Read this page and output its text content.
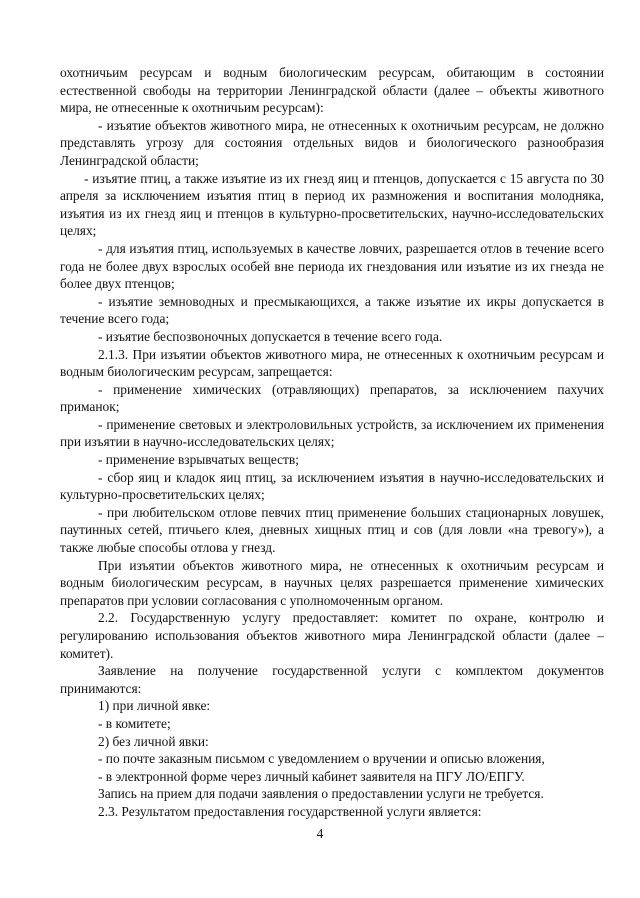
охотничьим ресурсам и водным биологическим ресурсам, обитающим в состоянии естественной свободы на территории Ленинградской области (далее – объекты животного мира, не отнесенные к охотничьим ресурсам):

- изъятие объектов животного мира, не отнесенных к охотничьим ресурсам, не должно представлять угрозу для состояния отдельных видов и биологического разнообразия Ленинградской области;

- изъятие птиц, а также изъятие из их гнезд яиц и птенцов, допускается с 15 августа по 30 апреля за исключением изъятия птиц в период их размножения и воспитания молодняка, изъятия из их гнезд яиц и птенцов в культурно-просветительских, научно-исследовательских целях;

- для изъятия птиц, используемых в качестве ловчих, разрешается отлов в течение всего года не более двух взрослых особей вне периода их гнездования или изъятие из их гнезда не более двух птенцов;

- изъятие земноводных и пресмыкающихся, а также изъятие их икры допускается в течение всего года;

- изъятие беспозвоночных допускается в течение всего года.

2.1.3. При изъятии объектов животного мира, не отнесенных к охотничьим ресурсам и водным биологическим ресурсам, запрещается:

- применение химических (отравляющих) препаратов, за исключением пахучих приманок;

- применение световых и электроловильных устройств, за исключением их применения при изъятии в научно-исследовательских целях;

- применение взрывчатых веществ;

- сбор яиц и кладок яиц птиц, за исключением изъятия в научно-исследовательских и культурно-просветительских целях;

- при любительском отлове певчих птиц применение больших стационарных ловушек, паутинных сетей, птичьего клея, дневных хищных птиц и сов (для ловли «на тревогу»), а также любые способы отлова у гнезд.

При изъятии объектов животного мира, не отнесенных к охотничьим ресурсам и водным биологическим ресурсам, в научных целях разрешается применение химических препаратов при условии согласования с уполномоченным органом.

2.2. Государственную услугу предоставляет: комитет по охране, контролю и регулированию использования объектов животного мира Ленинградской области (далее – комитет).

Заявление на получение государственной услуги с комплектом документов принимаются:

1) при личной явке:

- в комитете;

2) без личной явки:

- по почте заказным письмом с уведомлением о вручении и описью вложения,

- в электронной форме через личный кабинет заявителя на ПГУ ЛО/ЕПГУ.

Запись на прием для подачи заявления о предоставлении услуги не требуется.

2.3. Результатом предоставления государственной услуги является:

4
